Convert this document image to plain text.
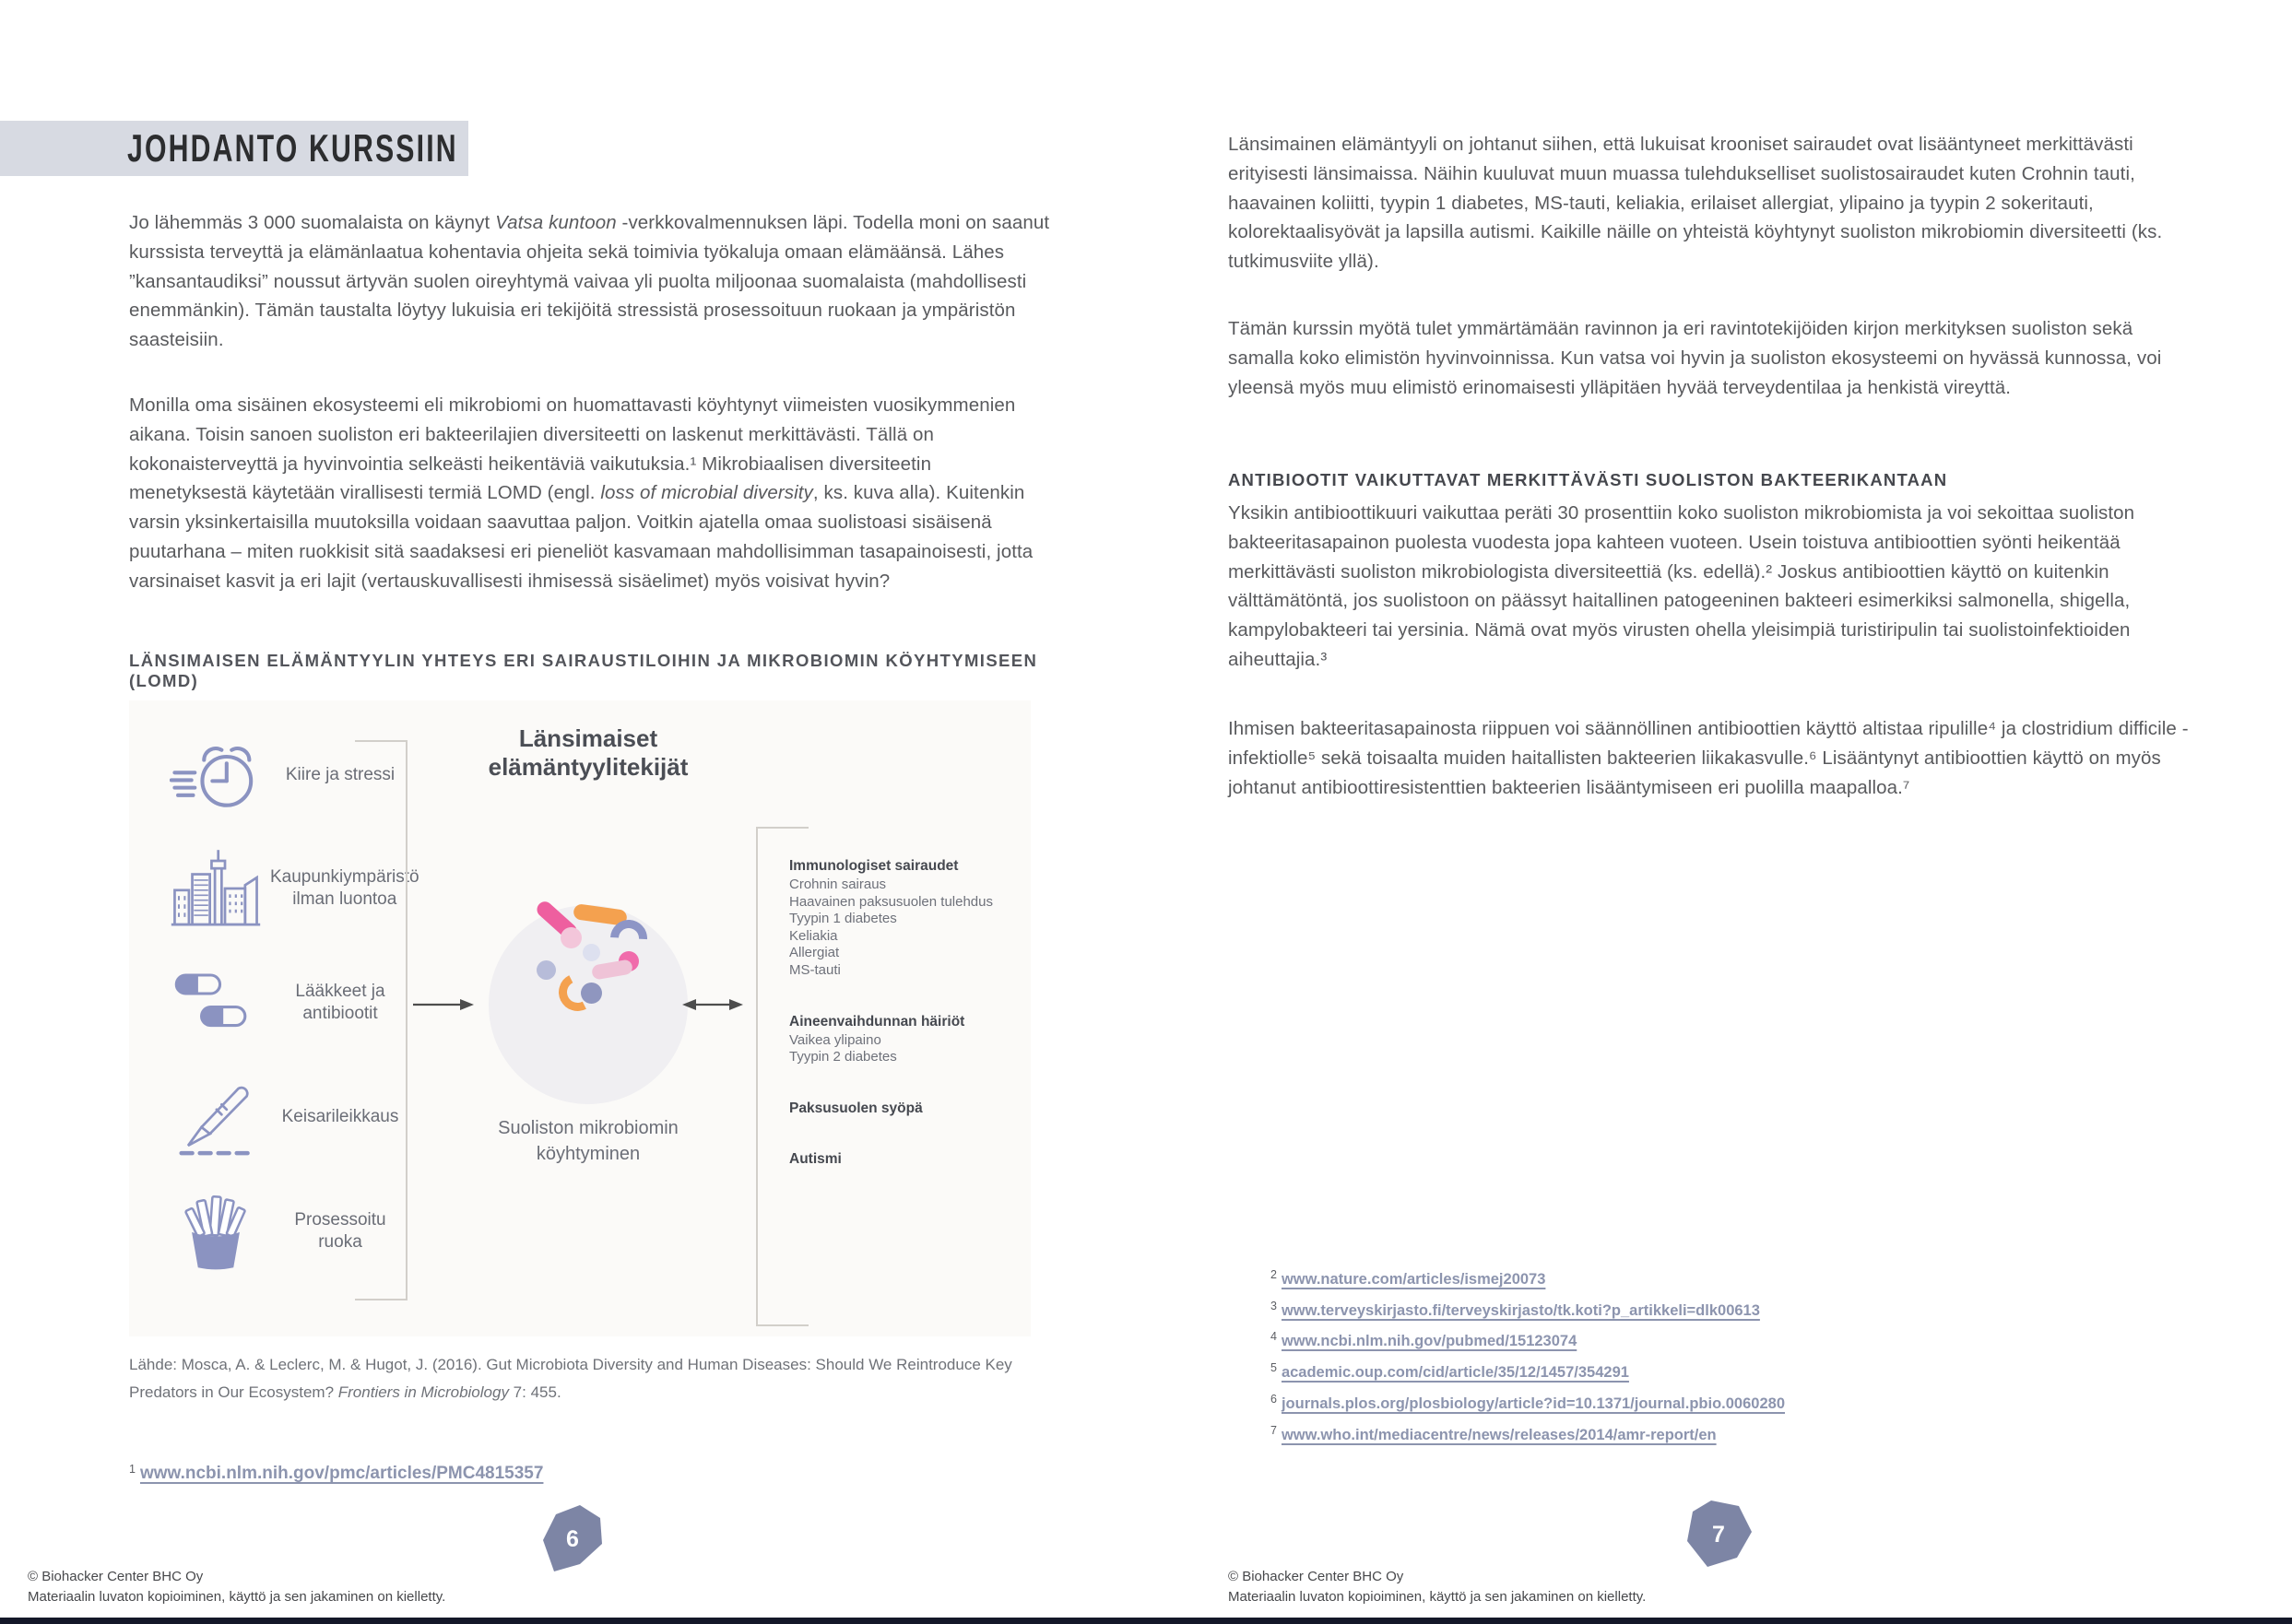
JOHDANTO KURSSIIN
Jo lähemmäs 3 000 suomalaista on käynyt Vatsa kuntoon -verkkovalmennuksen läpi. Todella moni on saanut kurssista terveyttä ja elämänlaatua kohentavia ohjeita sekä toimivia työkaluja omaan elämäänsä. Lähes ”kansantaudiksi” noussut ärtyvän suolen oireyhtymä vaivaa yli puolta miljoonaa suomalaista (mahdollisesti enemmänkin). Tämän taustalta löytyy lukuisia eri tekijöitä stressistä prosessoituun ruokaan ja ympäristön saasteisiin.
Monilla oma sisäinen ekosysteemi eli mikrobiomi on huomattavasti köyhtynyt viimeisten vuosikymmenien aikana. Toisin sanoen suoliston eri bakteerilajien diversiteetti on laskenut merkittävästi. Tällä on kokonaisterveyttä ja hyvinvointia selkeästi heikentäviä vaikutuksia.¹ Mikrobiaalisen diversiteetin menetyksestä käytetään virallisesti termiä LOMD (engl. loss of microbial diversity, ks. kuva alla). Kuitenkin varsin yksinkertaisilla muutoksilla voidaan saavuttaa paljon. Voitkin ajatella omaa suolistoasi sisäisenä puutarhana – miten ruokkisit sitä saadaksesi eri pieneliöt kasvamaan mahdollisimman tasapainoisesti, jotta varsinaiset kasvit ja eri lajit (vertauskuvallisesti ihmisessä sisäelimet) myös voisivat hyvin?
LÄNSIMAISEN ELÄMÄNTYYLIN YHTEYS ERI SAIRAUSTILOIHIN JA MIKROBIOMIN KÖYHTYMISEEN (LOMD)
Länsimaiset elämäntyylitekijät
Kiire ja stressi
Kaupunkiympäristö ilman luontoa
Lääkkeet ja antibiootit
Keisarileikkaus
Prosessoitu ruoka
Suoliston mikrobiomin köyhtyminen
Immunologiset sairaudet
Crohnin sairaus
Haavainen paksusuolen tulehdus
Tyypin 1 diabetes
Keliakia
Allergiat
MS-tauti
Aineenvaihdunnan häiriöt
Vaikea ylipaino
Tyypin 2 diabetes
Paksusuolen syöpä
Autismi
Lähde: Mosca, A. & Leclerc, M. & Hugot, J. (2016). Gut Microbiota Diversity and Human Diseases: Should We Reintroduce Key Predators in Our Ecosystem? Frontiers in Microbiology 7: 455.
$^1$ www.ncbi.nlm.nih.gov/pmc/articles/PMC4815357
6
© Biohacker Center BHC Oy
Materiaalin luvaton kopioiminen, käyttö ja sen jakaminen on kielletty.
Länsimainen elämäntyyli on johtanut siihen, että lukuisat krooniset sairaudet ovat lisääntyneet merkittävästi erityisesti länsimaissa. Näihin kuuluvat muun muassa tulehdukselliset suolistosairaudet kuten Crohnin tauti, haavainen koliitti, tyypin 1 diabetes, MS-tauti, keliakia, erilaiset allergiat, ylipaino ja tyypin 2 sokeritauti, kolorektaalisyövät ja lapsilla autismi. Kaikille näille on yhteistä köyhtynyt suoliston mikrobiomin diversiteetti (ks. tutkimusviite yllä).
Tämän kurssin myötä tulet ymmärtämään ravinnon ja eri ravintotekijöiden kirjon merkityksen suoliston sekä samalla koko elimistön hyvinvoinnissa. Kun vatsa voi hyvin ja suoliston ekosysteemi on hyvässä kunnossa, voi yleensä myös muu elimistö erinomaisesti ylläpitäen hyvää terveydentilaa ja henkistä vireyttä.
ANTIBIOOTIT VAIKUTTAVAT MERKITTÄVÄSTI SUOLISTON BAKTEERIKANTAAN
Yksikin antibioottikuuri vaikuttaa peräti 30 prosenttiin koko suoliston mikrobiomista ja voi sekoittaa suoliston bakteeritasapainon puolesta vuodesta jopa kahteen vuoteen. Usein toistuva antibioottien syönti heikentää merkittävästi suoliston mikrobiologista diversiteettiä (ks. edellä).² Joskus antibioottien käyttö on kuitenkin välttämätöntä, jos suolistoon on päässyt haitallinen patogeeninen bakteeri esimerkiksi salmonella, shigella, kampylobakteeri tai yersinia. Nämä ovat myös virusten ohella yleisimpiä turistiripulin tai suolistoinfektioiden aiheuttajia.³
Ihmisen bakteeritasapainosta riippuen voi säännöllinen antibioottien käyttö altistaa ripulille⁴ ja clostridium difficile -infektiolle⁵ sekä toisaalta muiden haitallisten bakteerien liikakasvulle.⁶ Lisääntynyt antibioottien käyttö on myös johtanut antibioottiresistenttien bakteerien lisääntymiseen eri puolilla maapalloa.⁷
$^2$ www.nature.com/articles/ismej20073
$^3$ www.terveyskirjasto.fi/terveyskirjasto/tk.koti?p_artikkeli=dlk00613
$^4$ www.ncbi.nlm.nih.gov/pubmed/15123074
$^5$ academic.oup.com/cid/article/35/12/1457/354291
$^6$ journals.plos.org/plosbiology/article?id=10.1371/journal.pbio.0060280
$^7$ www.who.int/mediacentre/news/releases/2014/amr-report/en
7
© Biohacker Center BHC Oy
Materiaalin luvaton kopioiminen, käyttö ja sen jakaminen on kielletty.
